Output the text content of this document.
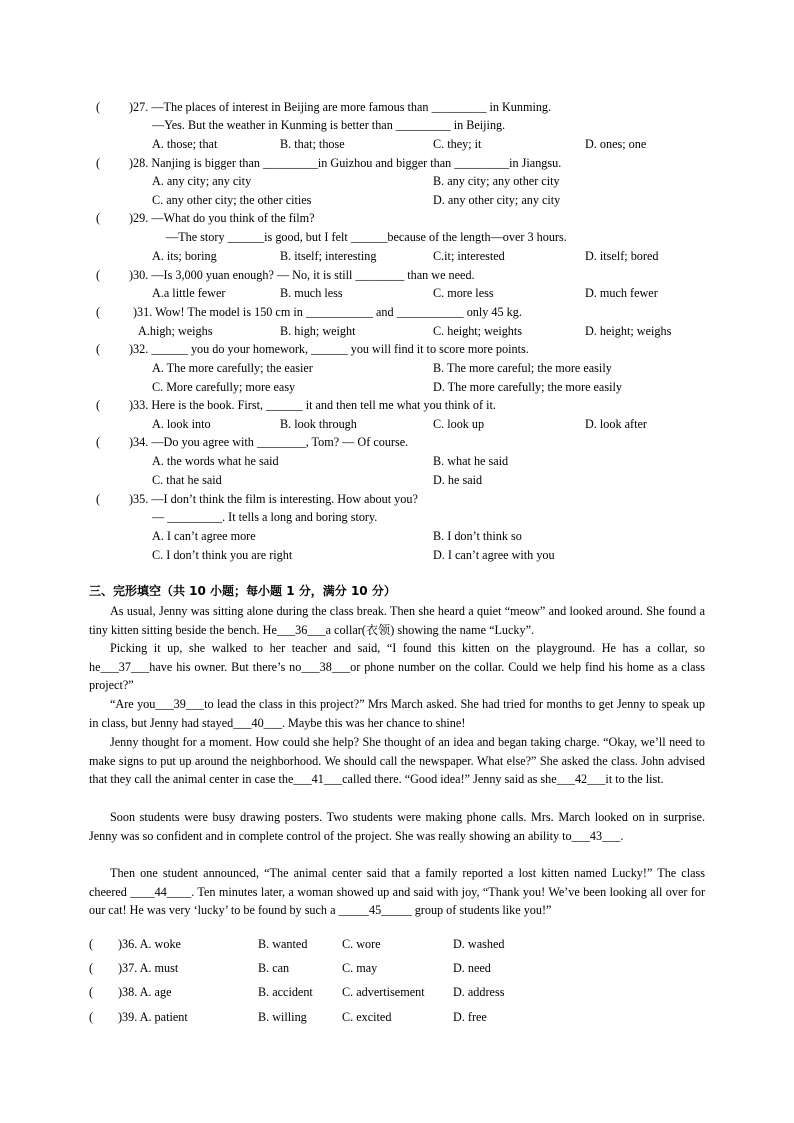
( )27. —The places of interest in Beijing are more famous than _________ in Kunming.
—Yes. But the weather in Kunming is better than _________ in Beijing.
A. those; that	B. that; those	C. they; it	D. ones; one
( )28. Nanjing is bigger than _________in Guizhou and bigger than _________in Jiangsu.
A. any city; any city	B. any city; any other city
C. any other city; the other cities	D. any other city; any city
( )29. —What do you think of the film?
—The story ______is good, but I felt ______because of the length—over 3 hours.
A. its; boring	B. itself; interesting	C.it; interested	D. itself; bored
( )30. —Is 3,000 yuan enough? — No, it is still ________ than we need.
A.a little fewer	B. much less	C. more less	D. much fewer
(	)31. Wow! The model is 150 cm in ___________ and ___________ only 45 kg.
A.high; weighs	B. high; weight	C. height; weights	D. height; weighs
( )32. ______ you do your homework, ______ you will find it to score more points.
A. The more carefully; the easier	B. The more careful; the more easily
C. More carefully; more easy	D. The more carefully; the more easily
( )33. Here is the book. First, ______ it and then tell me what you think of it.
A. look into	B. look through	C. look up	D. look after
( )34. —Do you agree with ________, Tom? — Of course.
A. the words what he said	B. what he said
C. that he said	D. he said
( )35. —I don’t think the film is interesting. How about you?
— _________. It tells a long and boring story.
A. I can’t agree more	B. I don’t think so
C. I don’t think you are right	D. I can’t agree with you
三、完形填空（共 10 小题；每小题 1 分，满分 10 分）
As usual, Jenny was sitting alone during the class break. Then she heard a quiet “meow” and looked around. She found a tiny kitten sitting beside the bench. He___36___a collar(衣领) showing the name “Lucky”.
Picking it up, she walked to her teacher and said, “I found this kitten on the playground. He has a collar, so he___37___have his owner. But there’s no___38___or phone number on the collar. Could we help find his home as a class project?”
“Are you___39___to lead the class in this project?” Mrs March asked. She had tried for months to get Jenny to speak up in class, but Jenny had stayed___40___. Maybe this was her chance to shine!
Jenny thought for a moment. How could she help? She thought of an idea and began taking charge. “Okay, we’ll need to make signs to put up around the neighborhood. We should call the newspaper. What else?” She asked the class. John advised that they call the animal center in case the___41___called there. “Good idea!” Jenny said as she___42___it to the list.
Soon students were busy drawing posters. Two students were making phone calls. Mrs. March looked on in surprise. Jenny was so confident and in complete control of the project. She was really showing an ability to___43___.
Then one student announced, “The animal center said that a family reported a lost kitten named Lucky!” The class cheered ____44____. Ten minutes later, a woman showed up and said with joy, “Thank you! We’ve been looking all over for our cat! He was very ‘lucky’ to be found by such a _____45_____ group of students like you!”
( )36. A. woke	B. wanted	C. wore	D. washed
( )37. A. must	B. can	C. may	D. need
( )38. A. age	B. accident C. advertisement D. address
( )39. A. patient	B. willing	C. excited	D. free
